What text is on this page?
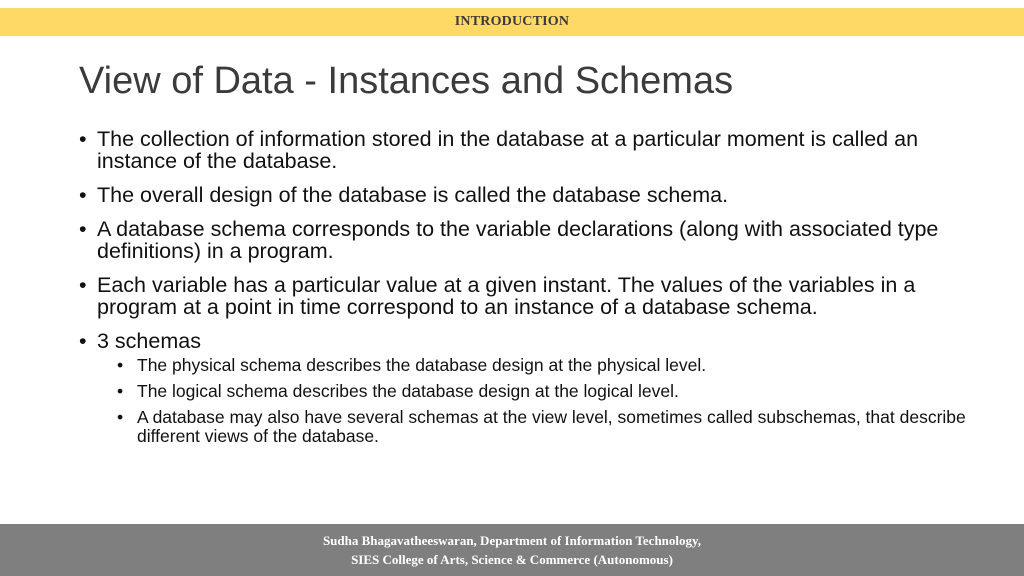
INTRODUCTION
View of Data - Instances and Schemas
• The collection of information stored in the database at a particular moment is called an instance of the database.
• The overall design of the database is called the database schema.
• A database schema corresponds to the variable declarations (along with associated type definitions) in a program.
• Each variable has a particular value at a given instant. The values of the variables in a program at a point in time correspond to an instance of a database schema.
• 3 schemas
• The physical schema describes the database design at the physical level.
• The logical schema describes the database design at the logical level.
• A database may also have several schemas at the view level, sometimes called subschemas, that describe different views of the database.
Sudha Bhagavatheeswaran, Department of Information Technology,
SIES College of Arts, Science & Commerce (Autonomous)
